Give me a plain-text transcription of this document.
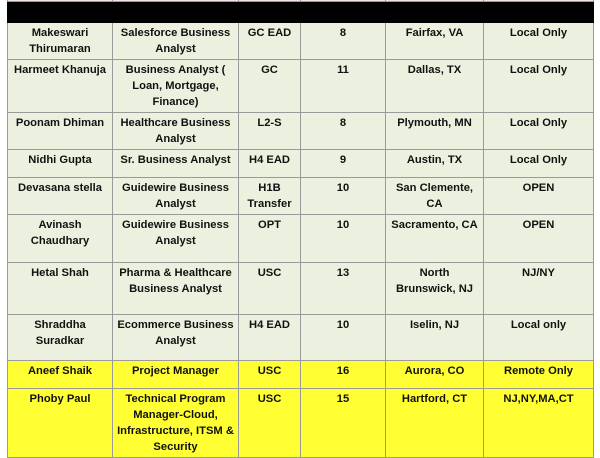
Makeswari Thirumaran	Salesforce Business Analyst	GC EAD	8	Fairfax, VA	Local Only
Harmeet Khanuja	Business Analyst ( Loan, Mortgage, Finance)	GC	11	Dallas, TX	Local Only
Poonam Dhiman	Healthcare Business Analyst	L2-S	8	Plymouth, MN	Local Only
Nidhi Gupta	Sr. Business Analyst	H4 EAD	9	Austin, TX	Local Only
Devasana stella	Guidewire Business Analyst	H1B Transfer	10	San Clemente, CA	OPEN
Avinash Chaudhary	Guidewire Business Analyst	OPT	10	Sacramento, CA	OPEN
Hetal Shah	Pharma & Healthcare Business Analyst	USC	13	North Brunswick, NJ	NJ/NY
Shraddha Suradkar	Ecommerce Business Analyst	H4 EAD	10	Iselin, NJ	Local only
Aneef Shaik	Project Manager	USC	16	Aurora, CO	Remote Only
Phoby Paul	Technical Program Manager-Cloud, Infrastructure, ITSM & Security	USC	15	Hartford, CT	NJ,NY,MA,CT
